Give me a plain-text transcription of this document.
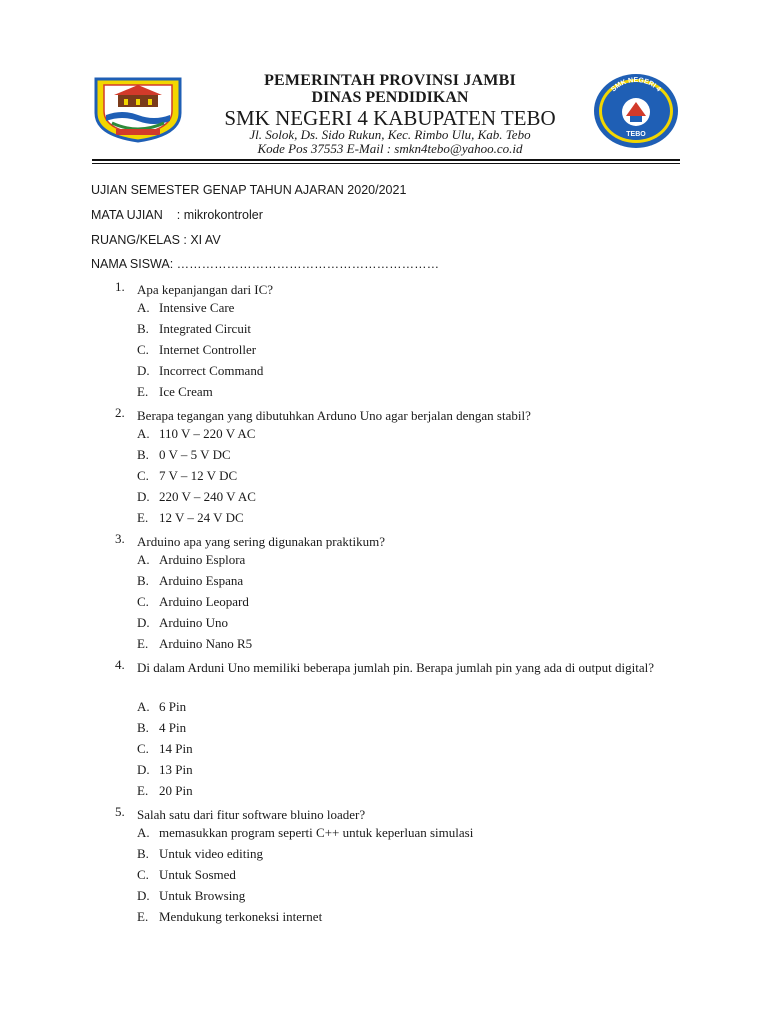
PEMERINTAH PROVINSI JAMBI
DINAS PENDIDIKAN
SMK NEGERI 4 KABUPATEN TEBO
Jl. Solok, Ds. Sido Rukun, Kec. Rimbo Ulu, Kab. Tebo
Kode Pos 37553 E-Mail : smkn4tebo@yahoo.co.id
SMK NEGERI 4
TEBO
UJIAN SEMESTER GENAP TAHUN AJARAN 2020/2021
MATA UJIAN : mikrokontroler
RUANG/KELAS : XI AV
NAMA SISWA: ………………………………………………………
1. Apa kepanjangan dari IC?
A. Intensive Care
B. Integrated Circuit
C. Internet Controller
D. Incorrect Command
E. Ice Cream
2. Berapa tegangan yang dibutuhkan Arduno Uno agar berjalan dengan stabil?
A. 110 V – 220 V AC
B. 0 V – 5 V DC
C. 7 V – 12 V DC
D. 220 V – 240 V AC
E. 12 V – 24 V DC
3. Arduino apa yang sering digunakan praktikum?
A. Arduino Esplora
B. Arduino Espana
C. Arduino Leopard
D. Arduino Uno
E. Arduino Nano R5
4. Di dalam Arduni Uno memiliki beberapa jumlah pin. Berapa jumlah pin yang ada di output digital?
A. 6 Pin
B. 4 Pin
C. 14 Pin
D. 13 Pin
E. 20 Pin
5. Salah satu dari fitur software bluino loader?
A. memasukkan program seperti C++ untuk keperluan simulasi
B. Untuk video editing
C. Untuk Sosmed
D. Untuk Browsing
E. Mendukung terkoneksi internet
